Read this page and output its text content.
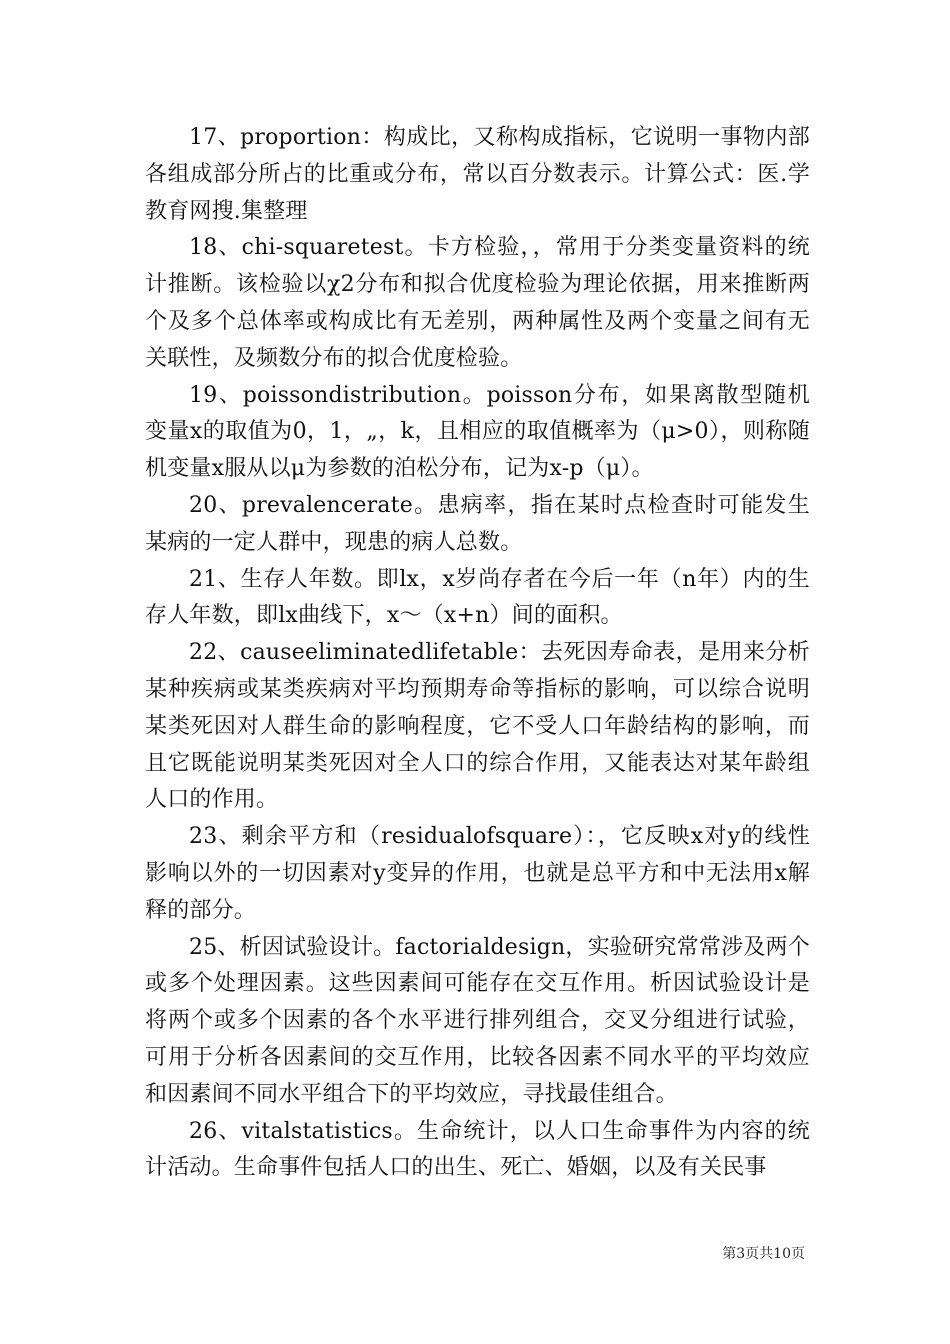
17、proportion：构成比，又称构成指标，它说明一事物内部各组成部分所占的比重或分布，常以百分数表示。计算公式：医.学教育网搜.集整理

18、chi-squaretest。卡方检验，，常用于分类变量资料的统计推断。该检验以χ2分布和拟合优度检验为理论依据，用来推断两个及多个总体率或构成比有无差别，两种属性及两个变量之间有无关联性，及频数分布的拟合优度检验。

19、poissondistribution。poisson分布，如果离散型随机变量x的取值为0，1，„，k，且相应的取值概率为（μ>0），则称随机变量x服从以μ为参数的泊松分布，记为x-p（μ）。

20、prevalencerate。患病率，指在某时点检查时可能发生某病的一定人群中，现患的病人总数。

21、生存人年数。即lx，x岁尚存者在今后一年（n年）内的生存人年数，即lx曲线下，x～（x+n）间的面积。

22、causeeliminatedlifetable：去死因寿命表，是用来分析某种疾病或某类疾病对平均预期寿命等指标的影响，可以综合说明某类死因对人群生命的影响程度，它不受人口年龄结构的影响，而且它既能说明某类死因对全人口的综合作用，又能表达对某年龄组人口的作用。

23、剩余平方和（residualofsquare）：，它反映x对y的线性影响以外的一切因素对y变异的作用，也就是总平方和中无法用x解释的部分。

25、析因试验设计。factorialdesign，实验研究常常涉及两个或多个处理因素。这些因素间可能存在交互作用。析因试验设计是将两个或多个因素的各个水平进行排列组合，交叉分组进行试验，可用于分析各因素间的交互作用，比较各因素不同水平的平均效应和因素间不同水平组合下的平均效应，寻找最佳组合。

26、vitalstatistics。生命统计，以人口生命事件为内容的统计活动。生命事件包括人口的出生、死亡、婚姻，以及有关民事

第3页共10页
